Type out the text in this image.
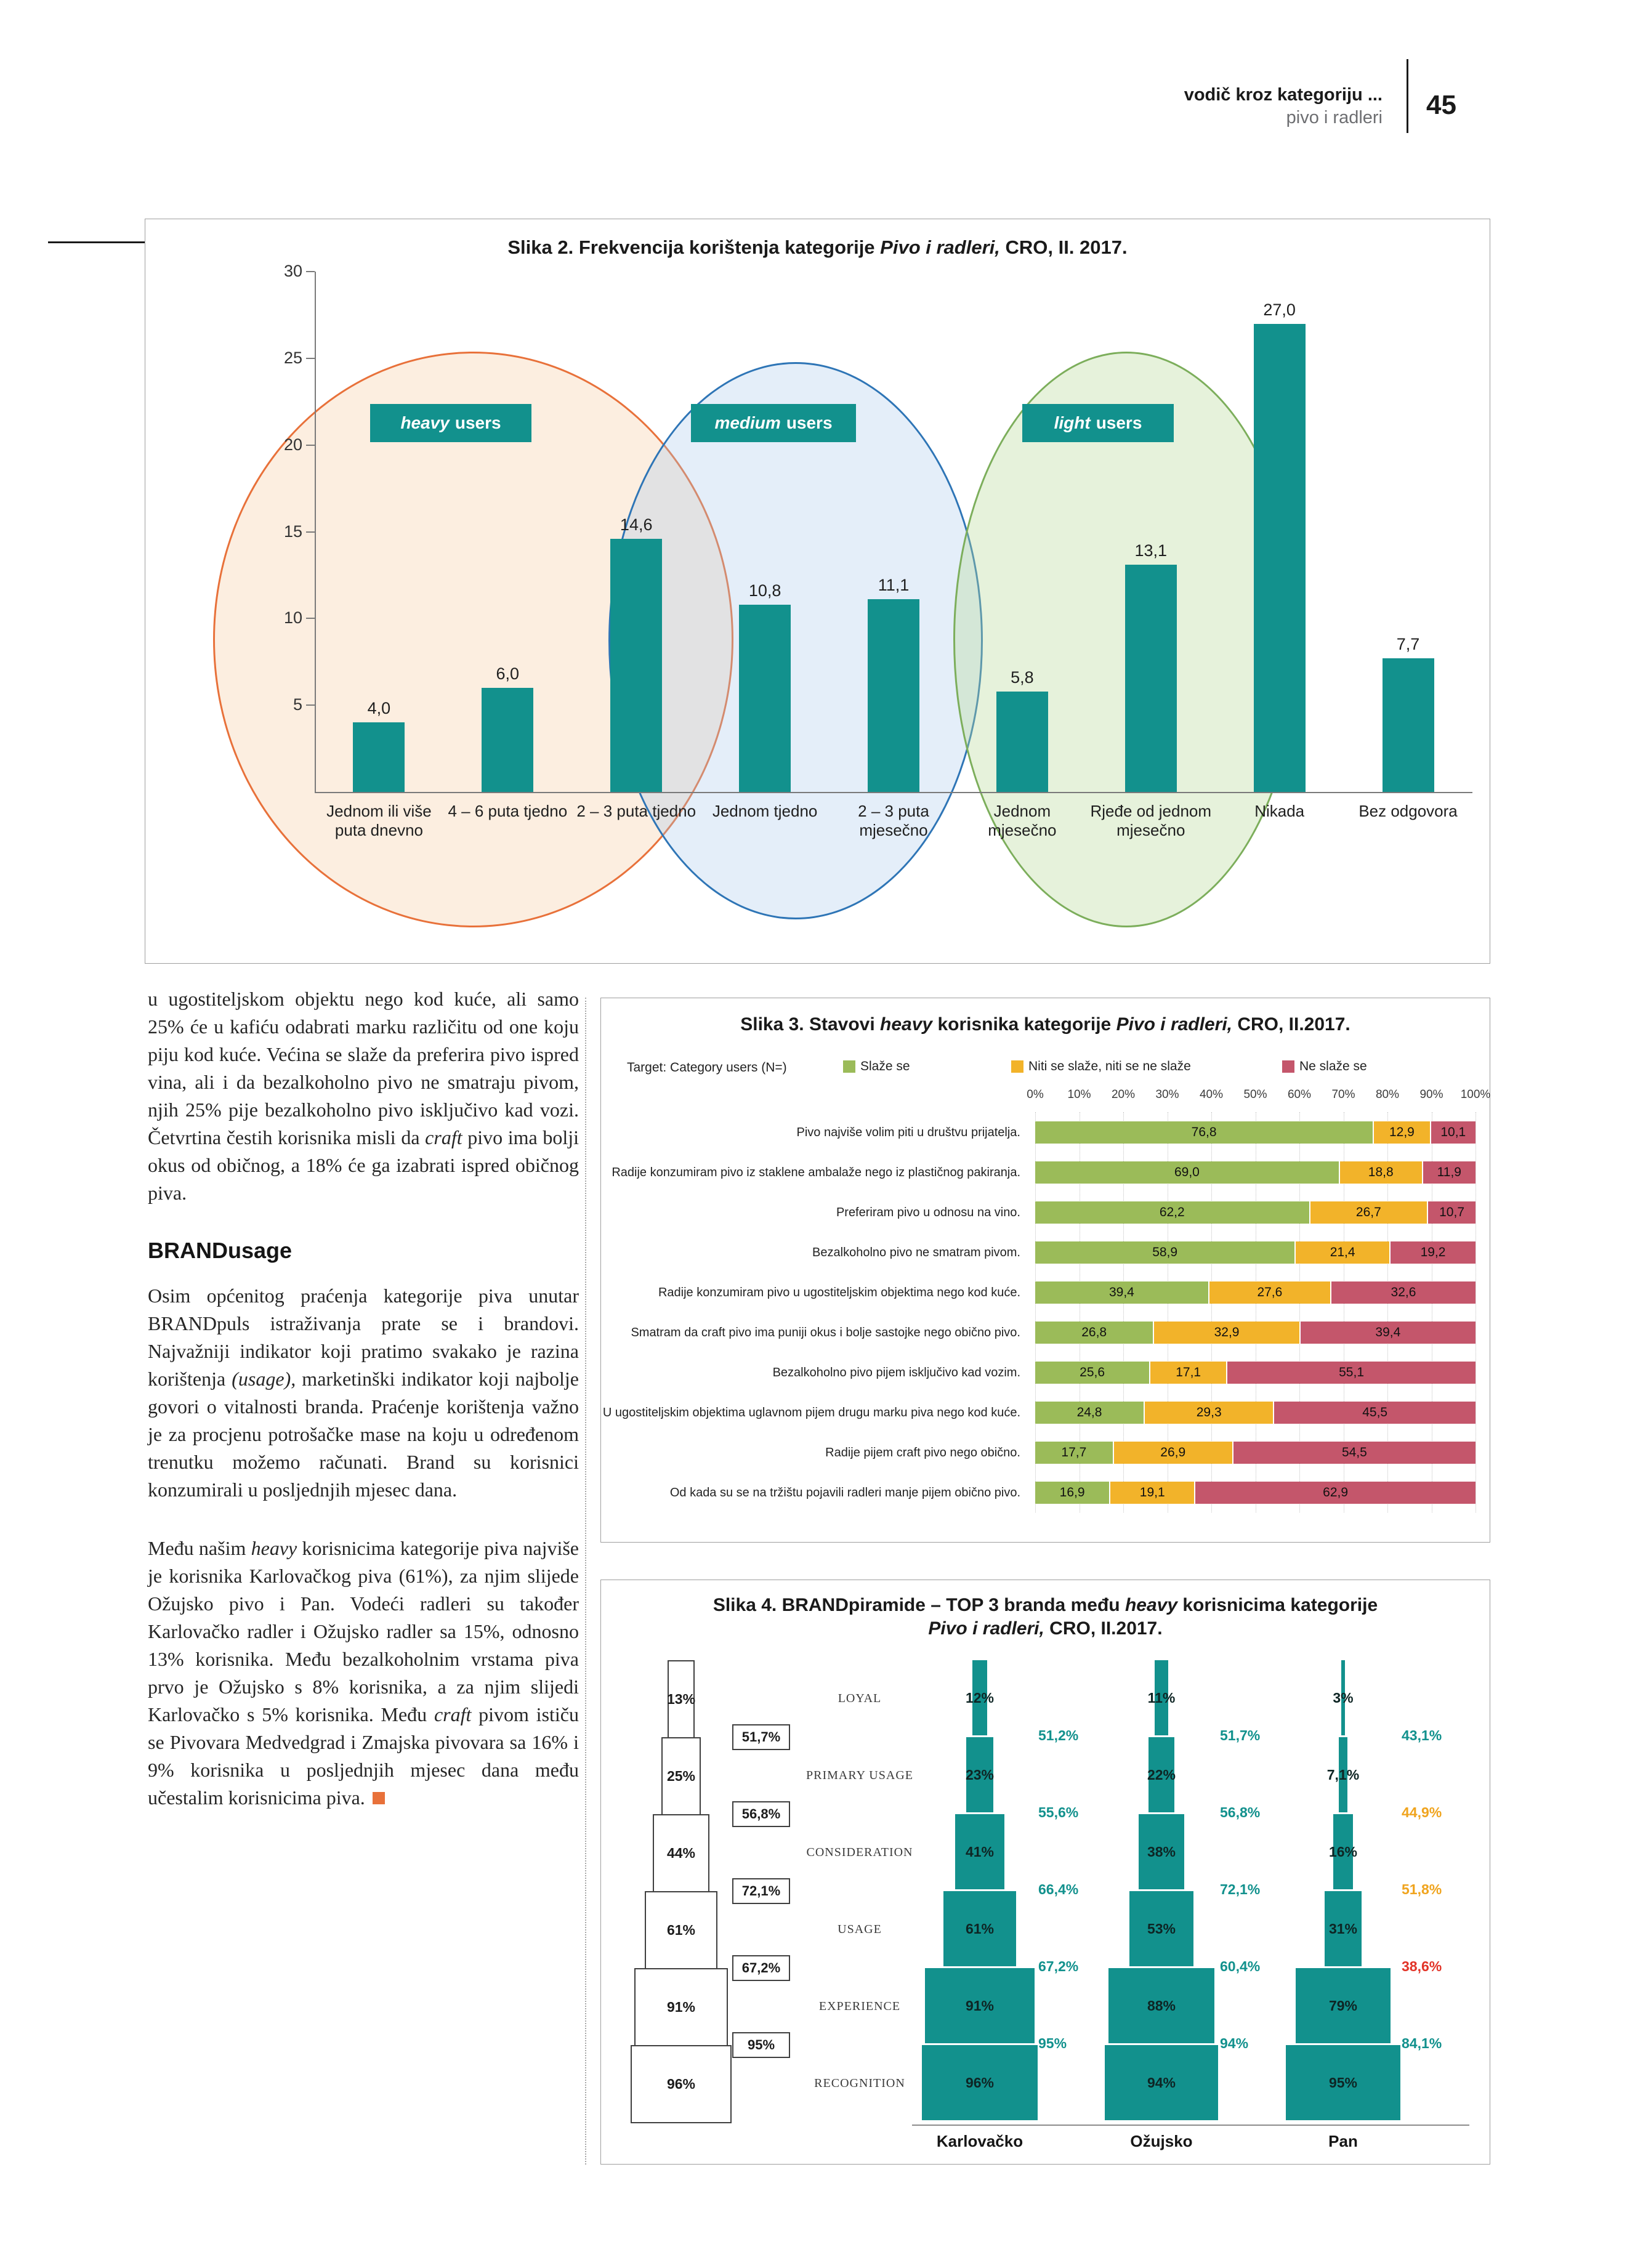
vodič kroz kategoriju ...
pivo i radleri 45
Slika 2. Frekvencija korištenja kategorije Pivo i radleri, CRO, II. 2017.
30
25
20
15
10
5	4,0
Jednom ili više puta dnevno
6,0
4 – 6 puta tjedno
14,6
2 – 3 puta tjedno
10,8
Jednom tjedno
11,1
2 – 3 puta mjesečno
5,8
Jednom mjesečno
13,1
Rjeđe od jednom mjesečno
27,0
Nikada
7,7
Bez odgovora
heavy users	medium users	light users

u ugostiteljskom objektu nego kod kuće, ali samo 25% će u kafiću odabrati marku različitu od one koju piju kod kuće. Većina se slaže da preferira pivo ispred vina, ali i da bezalkoholno pivo ne smatraju pivom, njih 25% pije bezalkoholno pivo isključivo kad vozi. Četvrtina čestih korisnika misli da craft pivo ima bolji okus od običnog, a 18% će ga izabrati ispred običnog piva.

BRANDusage

Osim općenitog praćenja kategorije piva unutar BRANDpuls istraživanja prate se i brandovi. Najvažniji indikator koji pratimo svakako je razina korištenja (usage), marketinški indikator koji najbolje govori o vitalnosti branda. Praćenje korištenja važno je za procjenu potrošačke mase na koju u određenom trenutku možemo računati. Brand su korisnici konzumirali u posljednjih mjesec dana.

Među našim heavy korisnicima kategorije piva najviše je korisnika Karlovačkog piva (61%), za njim slijede Ožujsko pivo i Pan. Vodeći radleri su također Karlovačko radler i Ožujsko radler sa 15%, odnosno 13% korisnika. Među bezalkoholnim vrstama piva prvo je Ožujsko s 8% korisnika, a za njim slijedi Karlovačko s 5% korisnika. Među craft pivom ističu se Pivovara Medvedgrad i Zmajska pivovara sa 16% i 9% korisnika u posljednjih mjesec dana među učestalim korisnicima piva.

Slika 3. Stavovi heavy korisnika kategorije Pivo i radleri, CRO, II.2017.
Target: Category users (N=)	Slaže se	Niti se slaže, niti se ne slaže	Ne slaže se
0%	10%	20%	30%	40%	50%	60%	70%	80%	90%	100%
Pivo najviše volim piti u društvu prijatelja.	76,8	12,9	10,1
Radije konzumiram pivo iz staklene ambalaže nego iz plastičnog pakiranja.	69,0	18,8	11,9
Preferiram pivo u odnosu na vino.	62,2	26,7	10,7
Bezalkoholno pivo ne smatram pivom.	58,9	21,4	19,2
Radije konzumiram pivo u ugostiteljskim objektima nego kod kuće.	39,4	27,6	32,6
Smatram da craft pivo ima puniji okus i bolje sastojke nego obično pivo.	26,8	32,9	39,4
Bezalkoholno pivo pijem isključivo kad vozim.	25,6	17,1	55,1
U ugostiteljskim objektima uglavnom pijem drugu marku piva nego kod kuće.	24,8	29,3	45,5
Radije pijem craft pivo nego obično.	17,7	26,9	54,5
Od kada su se na tržištu pojavili radleri manje pijem obično pivo.	16,9	19,1	62,9
Slika 4. BRANDpiramide – TOP 3 branda među heavy korisnicima kategorije
Pivo i radleri, CRO, II.2017.
13%
25%
44%
61%
91%
96%
51,7%
56,8%
72,1%
67,2%
95%
LOYAL
PRIMARY USAGE
CONSIDERATION
USAGE
EXPERIENCE
RECOGNITION
12%
23%
41%
61%
91%
96%
51,2%
55,6%
66,4%
67,2%
95%
Karlovačko
11%
22%
38%
53%
88%
94%
51,7%
56,8%
72,1%
60,4%
94%
Ožujsko
3%
7,1%
16%
31%
79%
95%
43,1%
44,9%
51,8%
38,6%
84,1%
Pan
